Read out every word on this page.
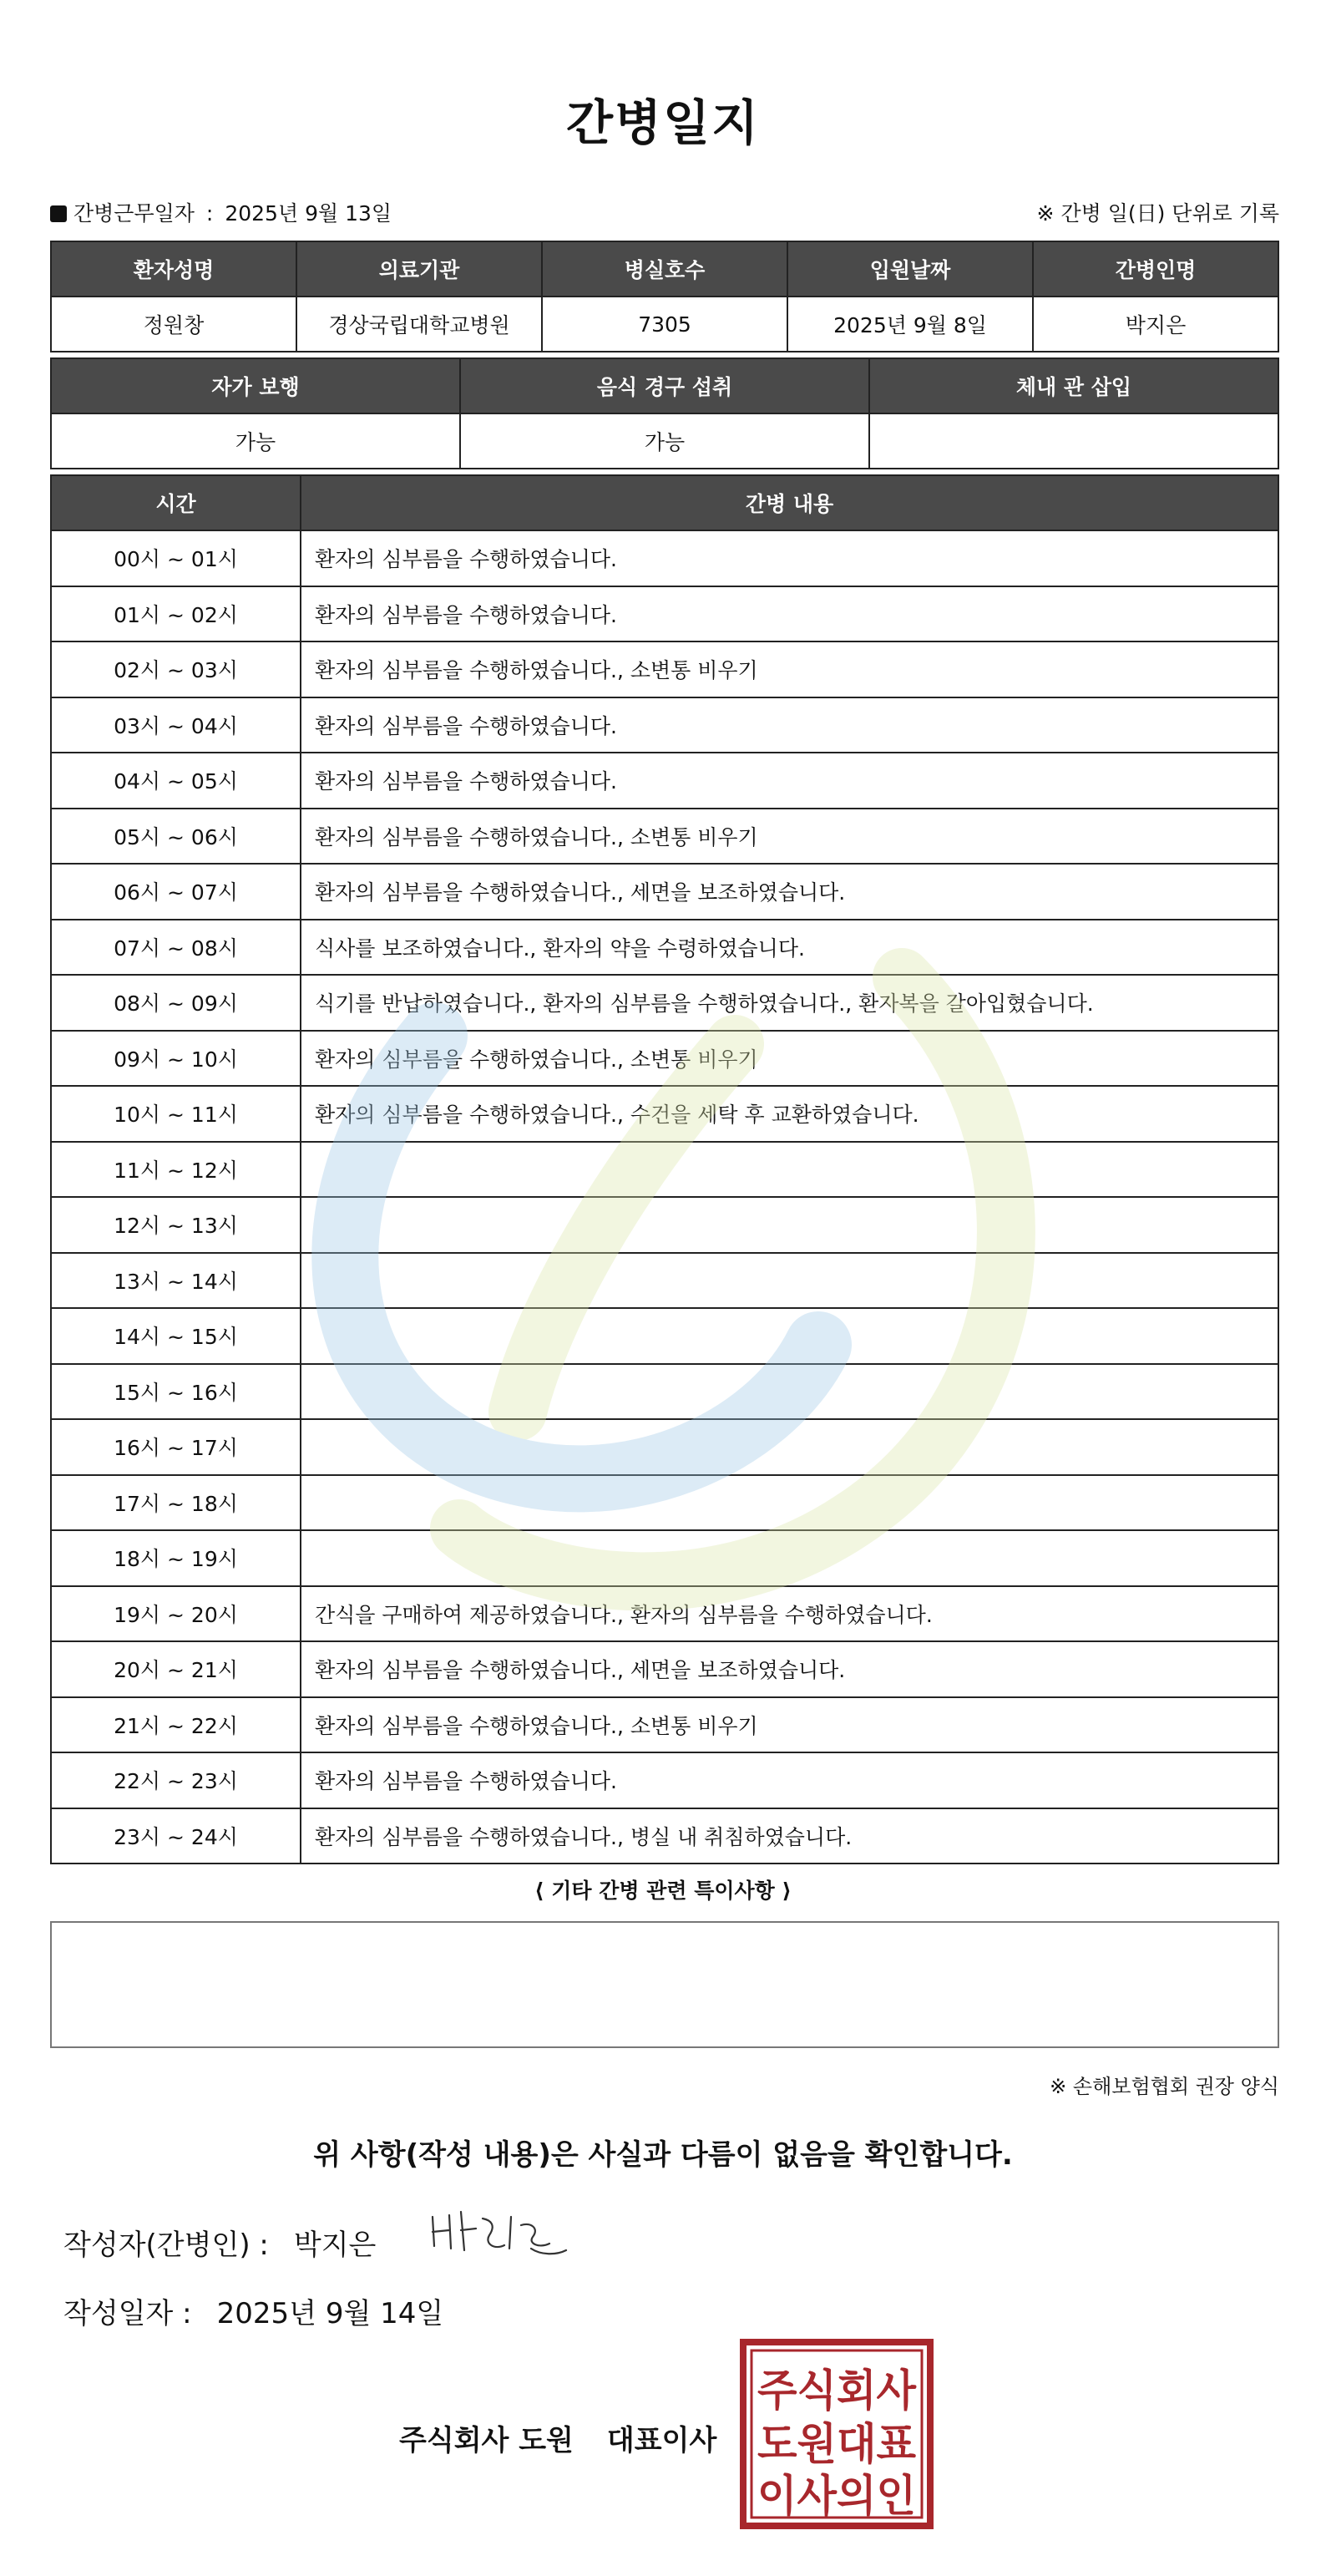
간병일지
간병근무일자 : 2025년 9월 13일	※ 간병 일(日) 단위로 기록
환자성명	의료기관	병실호수	입원날짜	간병인명
정원창	경상국립대학교병원	7305	2025년 9월 8일	박지은
자가 보행	음식 경구 섭취	체내 관 삽입
가능	가능	
시간	간병 내용
00시 ~ 01시	환자의 심부름을 수행하였습니다.
01시 ~ 02시	환자의 심부름을 수행하였습니다.
02시 ~ 03시	환자의 심부름을 수행하였습니다., 소변통 비우기
03시 ~ 04시	환자의 심부름을 수행하였습니다.
04시 ~ 05시	환자의 심부름을 수행하였습니다.
05시 ~ 06시	환자의 심부름을 수행하였습니다., 소변통 비우기
06시 ~ 07시	환자의 심부름을 수행하였습니다., 세면을 보조하였습니다.
07시 ~ 08시	식사를 보조하였습니다., 환자의 약을 수령하였습니다.
08시 ~ 09시	식기를 반납하였습니다., 환자의 심부름을 수행하였습니다., 환자복을 갈아입혔습니다.
09시 ~ 10시	환자의 심부름을 수행하였습니다., 소변통 비우기
10시 ~ 11시	환자의 심부름을 수행하였습니다., 수건을 세탁 후 교환하였습니다.
11시 ~ 12시	
12시 ~ 13시	
13시 ~ 14시	
14시 ~ 15시	
15시 ~ 16시	
16시 ~ 17시	
17시 ~ 18시	
18시 ~ 19시	
19시 ~ 20시	간식을 구매하여 제공하였습니다., 환자의 심부름을 수행하였습니다.
20시 ~ 21시	환자의 심부름을 수행하였습니다., 세면을 보조하였습니다.
21시 ~ 22시	환자의 심부름을 수행하였습니다., 소변통 비우기
22시 ~ 23시	환자의 심부름을 수행하였습니다.
23시 ~ 24시	환자의 심부름을 수행하였습니다., 병실 내 취침하였습니다.
⟨ 기타 간병 관련 특이사항 ⟩
※ 손해보험협회 권장 양식
위 사항(작성 내용)은 사실과 다름이 없음을 확인합니다.
작성자(간병인) : 박지은
작성일자 : 2025년 9월 14일
주식회사 도원 대표이사
주식회사
도원대표
이사의인
